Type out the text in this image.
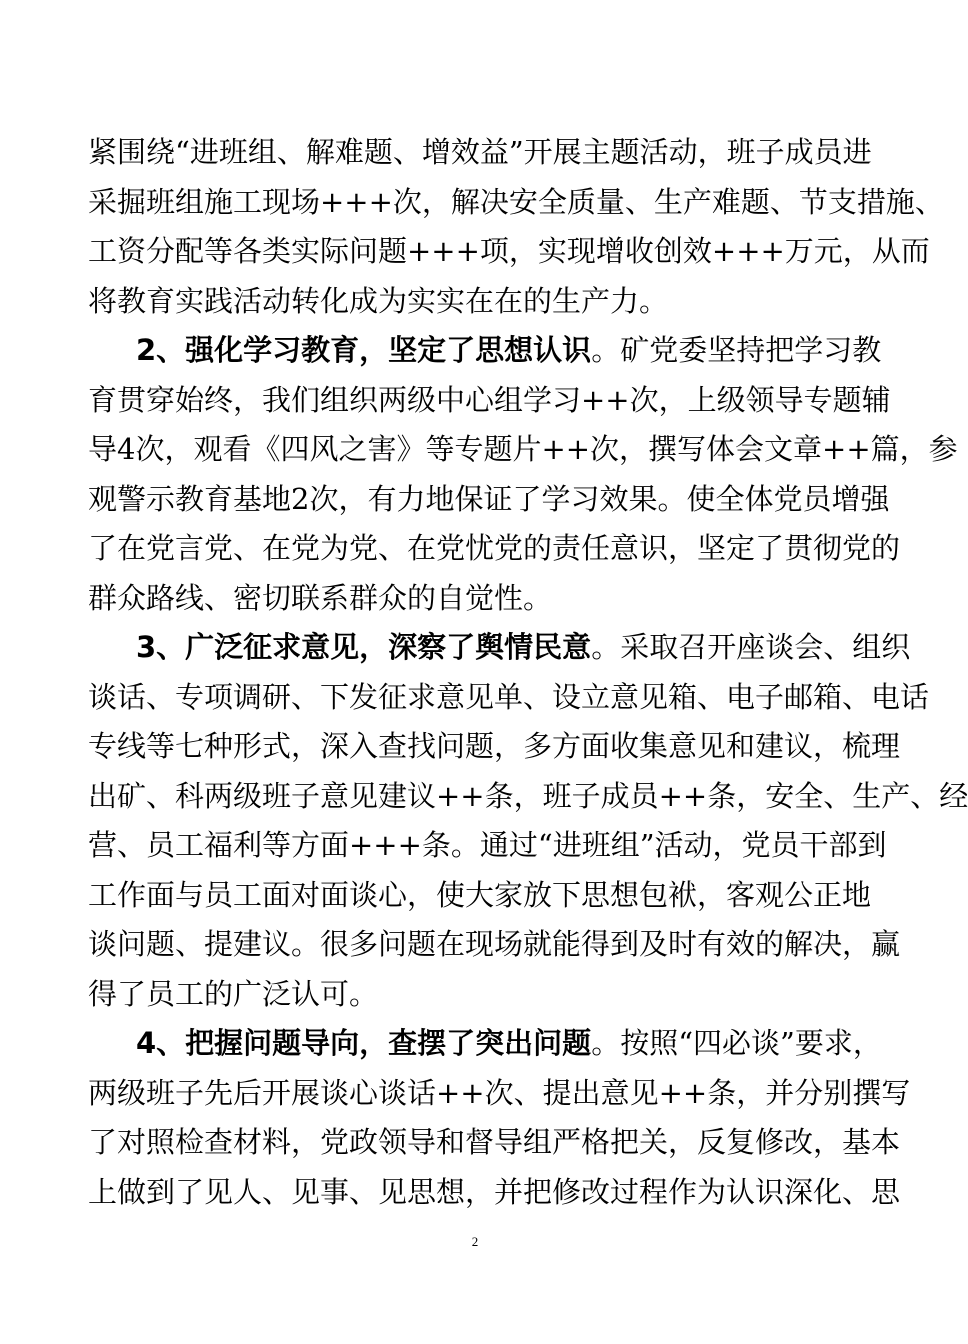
紧围绕“进班组、解难题、增效益”开展主题活动，班子成员进
采掘班组施工现场+++次，解决安全质量、生产难题、节支措施、
工资分配等各类实际问题+++项，实现增收创效+++万元，从而
将教育实践活动转化成为实实在在的生产力。
2、强化学习教育，坚定了思想认识。矿党委坚持把学习教
育贯穿始终，我们组织两级中心组学习++次，上级领导专题辅
导4次，观看《四风之害》等专题片++次，撰写体会文章++篇，参
观警示教育基地2次，有力地保证了学习效果。使全体党员增强
了在党言党、在党为党、在党忧党的责任意识，坚定了贯彻党的
群众路线、密切联系群众的自觉性。
3、广泛征求意见，深察了舆情民意。采取召开座谈会、组织
谈话、专项调研、下发征求意见单、设立意见箱、电子邮箱、电话
专线等七种形式，深入查找问题，多方面收集意见和建议，梳理
出矿、科两级班子意见建议++条，班子成员++条，安全、生产、经
营、员工福利等方面+++条。通过“进班组”活动，党员干部到
工作面与员工面对面谈心，使大家放下思想包袱，客观公正地
谈问题、提建议。很多问题在现场就能得到及时有效的解决，赢
得了员工的广泛认可。
4、把握问题导向，查摆了突出问题。按照“四必谈”要求，
两级班子先后开展谈心谈话++次、提出意见++条，并分别撰写
了对照检查材料，党政领导和督导组严格把关，反复修改，基本
上做到了见人、见事、见思想，并把修改过程作为认识深化、思
2
